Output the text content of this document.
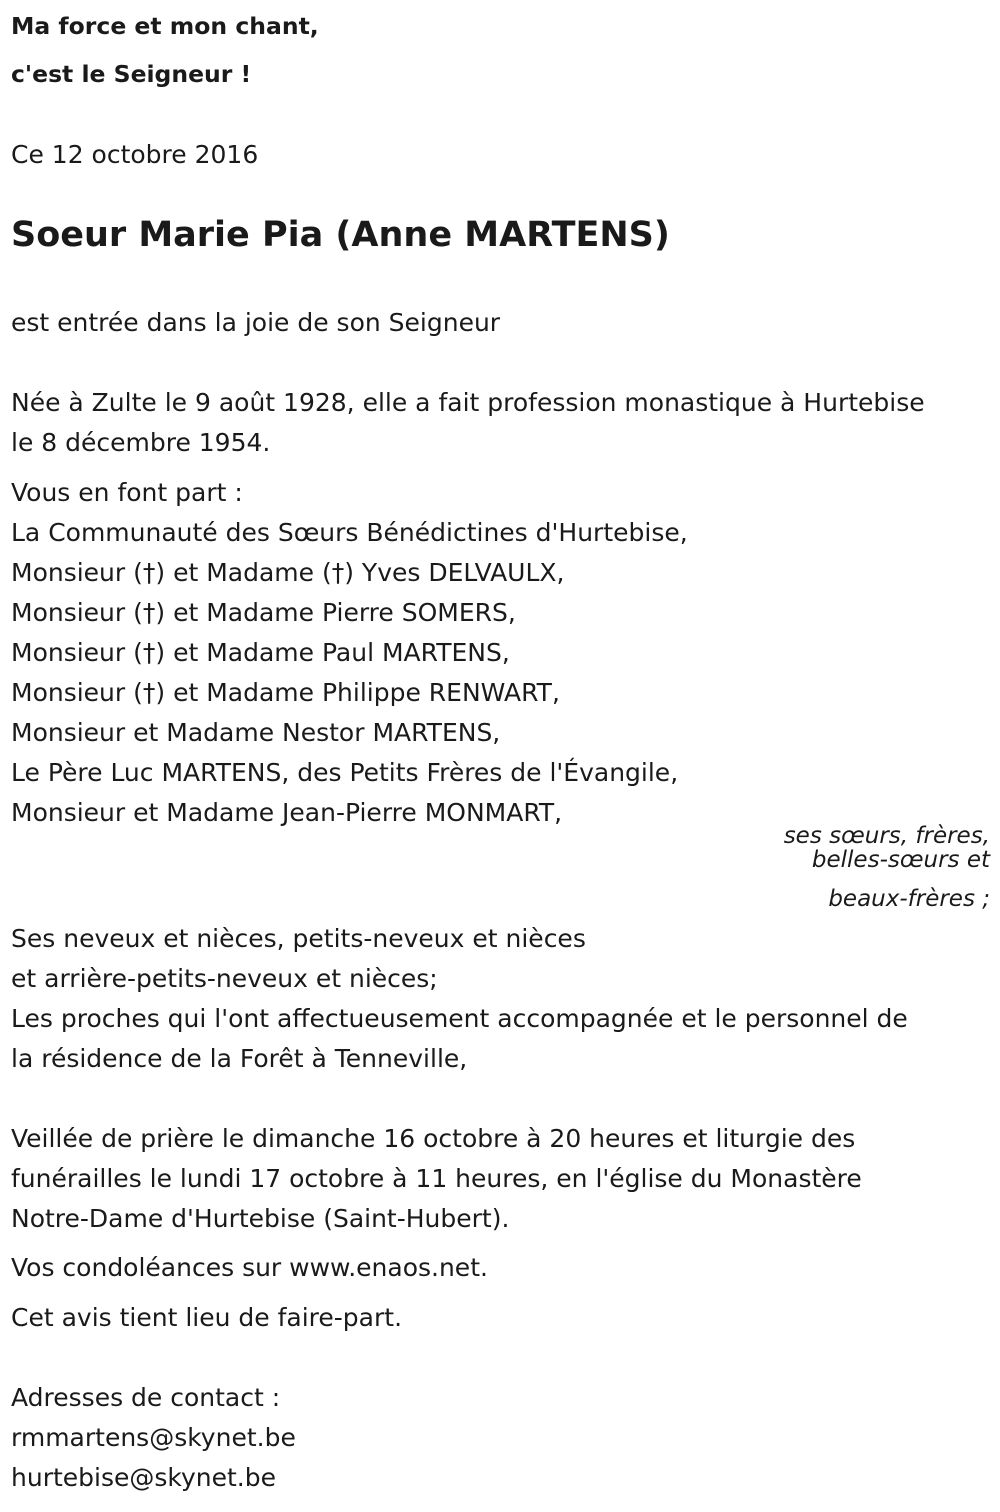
Ma force et mon chant,

c'est le Seigneur !

Ce 12 octobre 2016

Soeur Marie Pia (Anne MARTENS)

est entrée dans la joie de son Seigneur

Née à Zulte le 9 août 1928, elle a fait profession monastique à Hurtebise

le 8 décembre 1954.

Vous en font part :

La Communauté des Sœurs Bénédictines d'Hurtebise,

Monsieur (†) et Madame (†) Yves DELVAULX,

Monsieur (†) et Madame Pierre SOMERS,

Monsieur (†) et Madame Paul MARTENS,

Monsieur (†) et Madame Philippe RENWART,

Monsieur et Madame Nestor MARTENS,

Le Père Luc MARTENS, des Petits Frères de l'Évangile,

Monsieur et Madame Jean-Pierre MONMART,

ses sœurs, frères,

belles-sœurs et

beaux-frères ;

Ses neveux et nièces, petits-neveux et nièces

et arrière-petits-neveux et nièces;

Les proches qui l'ont affectueusement accompagnée et le personnel de

la résidence de la Forêt à Tenneville,

Veillée de prière le dimanche 16 octobre à 20 heures et liturgie des

funérailles le lundi 17 octobre à 11 heures, en l'église du Monastère

Notre-Dame d'Hurtebise (Saint-Hubert).

Vos condoléances sur www.enaos.net.

Cet avis tient lieu de faire-part.

Adresses de contact :

rmmartens@skynet.be

hurtebise@skynet.be
